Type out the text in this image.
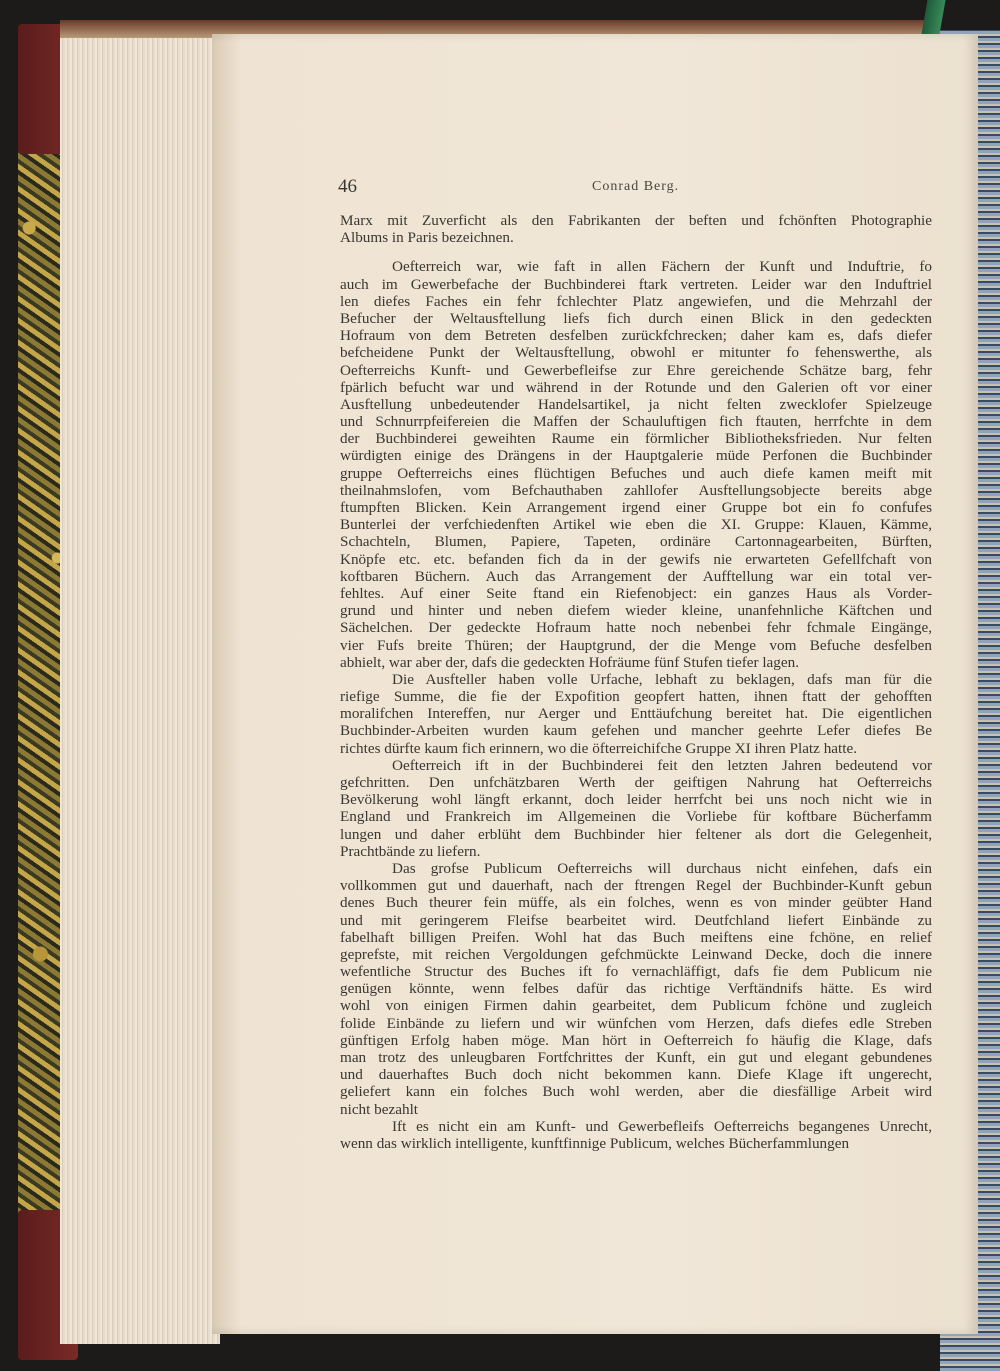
46	Conrad Berg.
Marx mit Zuverficht als den Fabrikanten der beften und fchönften Photographie
Albums in Paris bezeichnen.
Oefterreich war, wie faft in allen Fächern der Kunft und Induftrie, fo
auch im Gewerbefache der Buchbinderei ftark vertreten. Leider war den Induftriel
len diefes Faches ein fehr fchlechter Platz angewiefen, und die Mehrzahl der
Befucher der Weltausftellung liefs fich durch einen Blick in den gedeckten
Hofraum von dem Betreten desfelben zurückfchrecken; daher kam es, dafs diefer
befcheidene Punkt der Weltausftellung, obwohl er mitunter fo fehenswerthe, als
Oefterreichs Kunft- und Gewerbefleifse zur Ehre gereichende Schätze barg, fehr
fpärlich befucht war und während in der Rotunde und den Galerien oft vor einer
Ausftellung unbedeutender Handelsartikel, ja nicht felten zwecklofer Spielzeuge
und Schnurrpfeifereien die Maffen der Schauluftigen fich ftauten, herrfchte in dem
der Buchbinderei geweihten Raume ein förmlicher Bibliotheksfrieden. Nur felten
würdigten einige des Drängens in der Hauptgalerie müde Perfonen die Buchbinder
gruppe Oefterreichs eines flüchtigen Befuches und auch diefe kamen meift mit
theilnahmslofen, vom Befchauthaben zahllofer Ausftellungsobjecte bereits abge
ftumpften Blicken. Kein Arrangement irgend einer Gruppe bot ein fo confufes
Bunterlei der verfchiedenften Artikel wie eben die XI. Gruppe: Klauen, Kämme,
Schachteln, Blumen, Papiere, Tapeten, ordinäre Cartonnagearbeiten, Bürften,
Knöpfe etc. etc. befanden fich da in der gewifs nie erwarteten Gefellfchaft von
koftbaren Büchern. Auch das Arrangement der Aufftellung war ein total ver-
fehltes. Auf einer Seite ftand ein Riefenobject: ein ganzes Haus als Vorder-
grund und hinter und neben diefem wieder kleine, unanfehnliche Käftchen und
Sächelchen. Der gedeckte Hofraum hatte noch nebenbei fehr fchmale Eingänge,
vier Fufs breite Thüren; der Hauptgrund, der die Menge vom Befuche desfelben
abhielt, war aber der, dafs die gedeckten Hofräume fünf Stufen tiefer lagen.
Die Ausfteller haben volle Urfache, lebhaft zu beklagen, dafs man für die
riefige Summe, die fie der Expofition geopfert hatten, ihnen ftatt der gehofften
moralifchen Intereffen, nur Aerger und Enttäufchung bereitet hat. Die eigentlichen
Buchbinder-Arbeiten wurden kaum gefehen und mancher geehrte Lefer diefes Be
richtes dürfte kaum fich erinnern, wo die öfterreichifche Gruppe XI ihren Platz hatte.
Oefterreich ift in der Buchbinderei feit den letzten Jahren bedeutend vor
gefchritten. Den unfchätzbaren Werth der geiftigen Nahrung hat Oefterreichs
Bevölkerung wohl längft erkannt, doch leider herrfcht bei uns noch nicht wie in
England und Frankreich im Allgemeinen die Vorliebe für koftbare Bücherfamm
lungen und daher erblüht dem Buchbinder hier feltener als dort die Gelegenheit,
Prachtbände zu liefern.
Das grofse Publicum Oefterreichs will durchaus nicht einfehen, dafs ein
vollkommen gut und dauerhaft, nach der ftrengen Regel der Buchbinder-Kunft gebun
denes Buch theurer fein müffe, als ein folches, wenn es von minder geübter Hand
und mit geringerem Fleifse bearbeitet wird. Deutfchland liefert Einbände zu
fabelhaft billigen Preifen. Wohl hat das Buch meiftens eine fchöne, en relief
geprefste, mit reichen Vergoldungen gefchmückte Leinwand Decke, doch die innere
wefentliche Structur des Buches ift fo vernachläffigt, dafs fie dem Publicum nie
genügen könnte, wenn felbes dafür das richtige Verftändnifs hätte. Es wird
wohl von einigen Firmen dahin gearbeitet, dem Publicum fchöne und zugleich
folide Einbände zu liefern und wir wünfchen vom Herzen, dafs diefes edle Streben
günftigen Erfolg haben möge. Man hört in Oefterreich fo häufig die Klage, dafs
man trotz des unleugbaren Fortfchrittes der Kunft, ein gut und elegant gebundenes
und dauerhaftes Buch doch nicht bekommen kann. Diefe Klage ift ungerecht,
geliefert kann ein folches Buch wohl werden, aber die diesfällige Arbeit wird
nicht bezahlt
Ift es nicht ein am Kunft- und Gewerbefleifs Oefterreichs begangenes Unrecht,
wenn das wirklich intelligente, kunftfinnige Publicum, welches Bücherfammlungen
